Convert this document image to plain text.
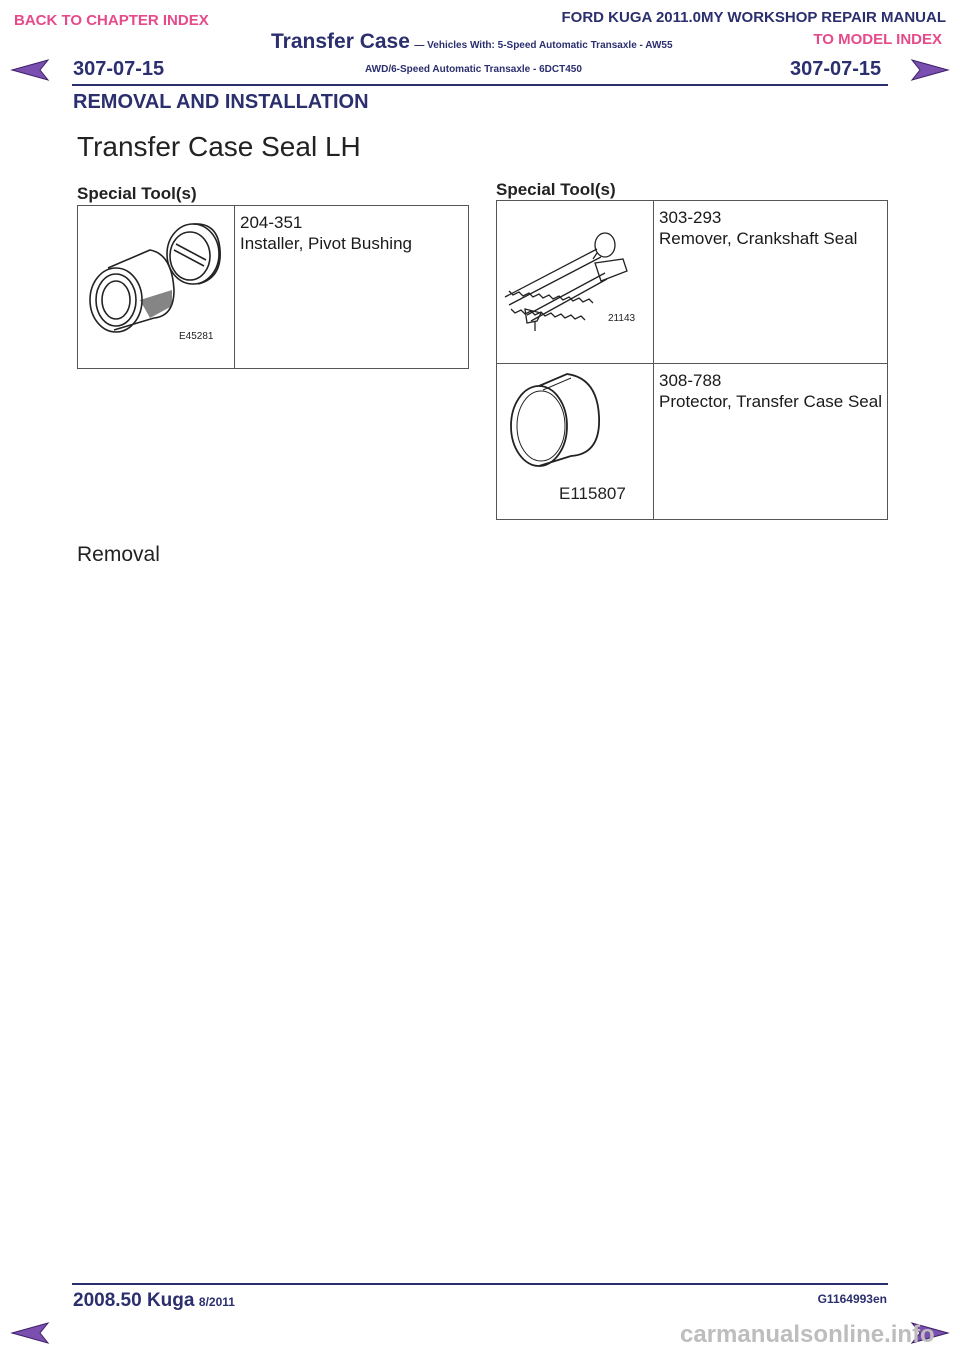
BACK TO CHAPTER INDEX	FORD KUGA 2011.0MY WORKSHOP REPAIR MANUAL
TO MODEL INDEX
Transfer Case — Vehicles With: 5-Speed Automatic Transaxle - AW55
AWD/6-Speed Automatic Transaxle - 6DCT450
307-07-15	307-07-15
REMOVAL AND INSTALLATION
Transfer Case Seal LH
Special Tool(s)
E45281

204-351
Installer, Pivot Bushing
Special Tool(s)
21143	303-293
Remover, Crankshaft Seal

E115807	308-788
Protector, Transfer Case Seal
Removal
2008.50 Kuga 8/2011	G1164993en
carmanualsonline.info
